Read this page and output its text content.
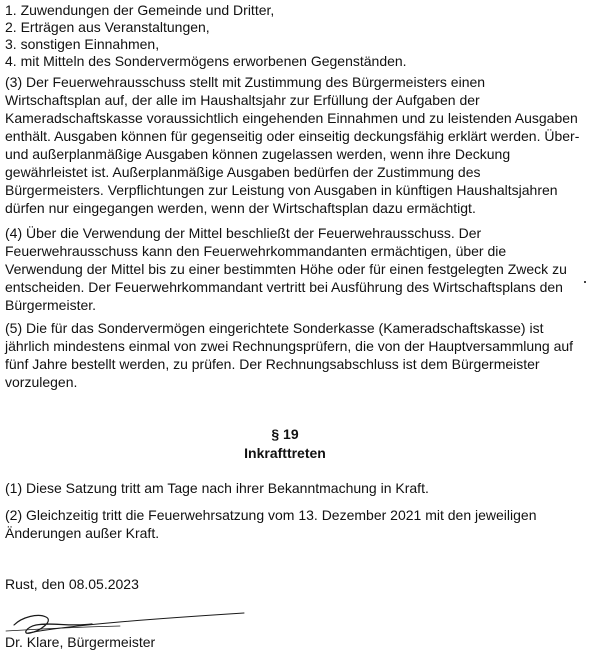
1. Zuwendungen der Gemeinde und Dritter,
2. Erträgen aus Veranstaltungen,
3. sonstigen Einnahmen,
4. mit Mitteln des Sondervermögens erworbenen Gegenständen.

(3) Der Feuerwehrausschuss stellt mit Zustimmung des Bürgermeisters einen
Wirtschaftsplan auf, der alle im Haushaltsjahr zur Erfüllung der Aufgaben der
Kameradschaftskasse voraussichtlich eingehenden Einnahmen und zu leistenden Ausgaben
enthält. Ausgaben können für gegenseitig oder einseitig deckungsfähig erklärt werden. Über-
und außerplanmäßige Ausgaben können zugelassen werden, wenn ihre Deckung
gewährleistet ist. Außerplanmäßige Ausgaben bedürfen der Zustimmung des
Bürgermeisters. Verpflichtungen zur Leistung von Ausgaben in künftigen Haushaltsjahren
dürfen nur eingegangen werden, wenn der Wirtschaftsplan dazu ermächtigt.

(4) Über die Verwendung der Mittel beschließt der Feuerwehrausschuss. Der
Feuerwehrausschuss kann den Feuerwehrkommandanten ermächtigen, über die
Verwendung der Mittel bis zu einer bestimmten Höhe oder für einen festgelegten Zweck zu
entscheiden. Der Feuerwehrkommandant vertritt bei Ausführung des Wirtschaftsplans den
Bürgermeister.

(5) Die für das Sondervermögen eingerichtete Sonderkasse (Kameradschaftskasse) ist
jährlich mindestens einmal von zwei Rechnungsprüfern, die von der Hauptversammlung auf
fünf Jahre bestellt werden, zu prüfen. Der Rechnungsabschluss ist dem Bürgermeister
vorzulegen.

§ 19
Inkrafttreten

(1) Diese Satzung tritt am Tage nach ihrer Bekanntmachung in Kraft.

(2) Gleichzeitig tritt die Feuerwehrsatzung vom 13. Dezember 2021 mit den jeweiligen
Änderungen außer Kraft.

Rust, den 08.05.2023

Dr. Klare, Bürgermeister
